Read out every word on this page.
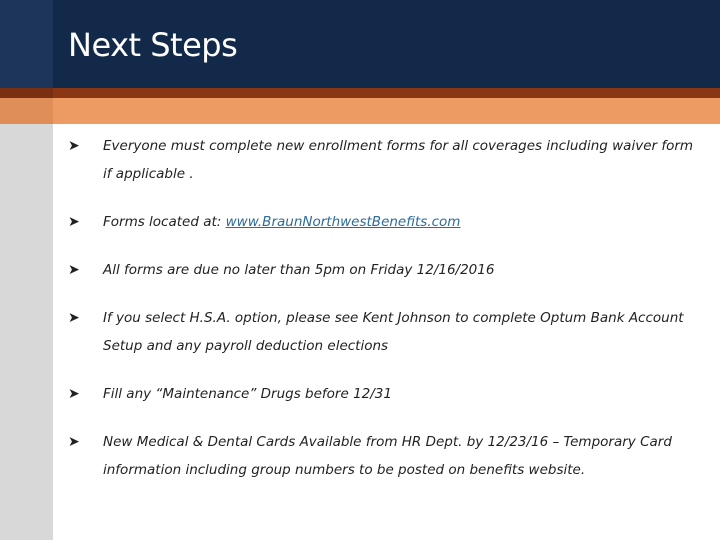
Next Steps
Braun NW| 2017 Benefits Enrollment | 32
➤ Everyone must complete new enrollment forms for all coverages including waiver form if applicable .
➤ Forms located at: www.BraunNorthwestBenefits.com
➤ All forms are due no later than 5pm on Friday 12/16/2016
➤ If you select H.S.A. option, please see Kent Johnson to complete Optum Bank Account Setup and any payroll deduction elections
➤ Fill any “Maintenance” Drugs before 12/31
➤ New Medical & Dental Cards Available from HR Dept. by 12/23/16 – Temporary Card information including group numbers to be posted on benefits website.
